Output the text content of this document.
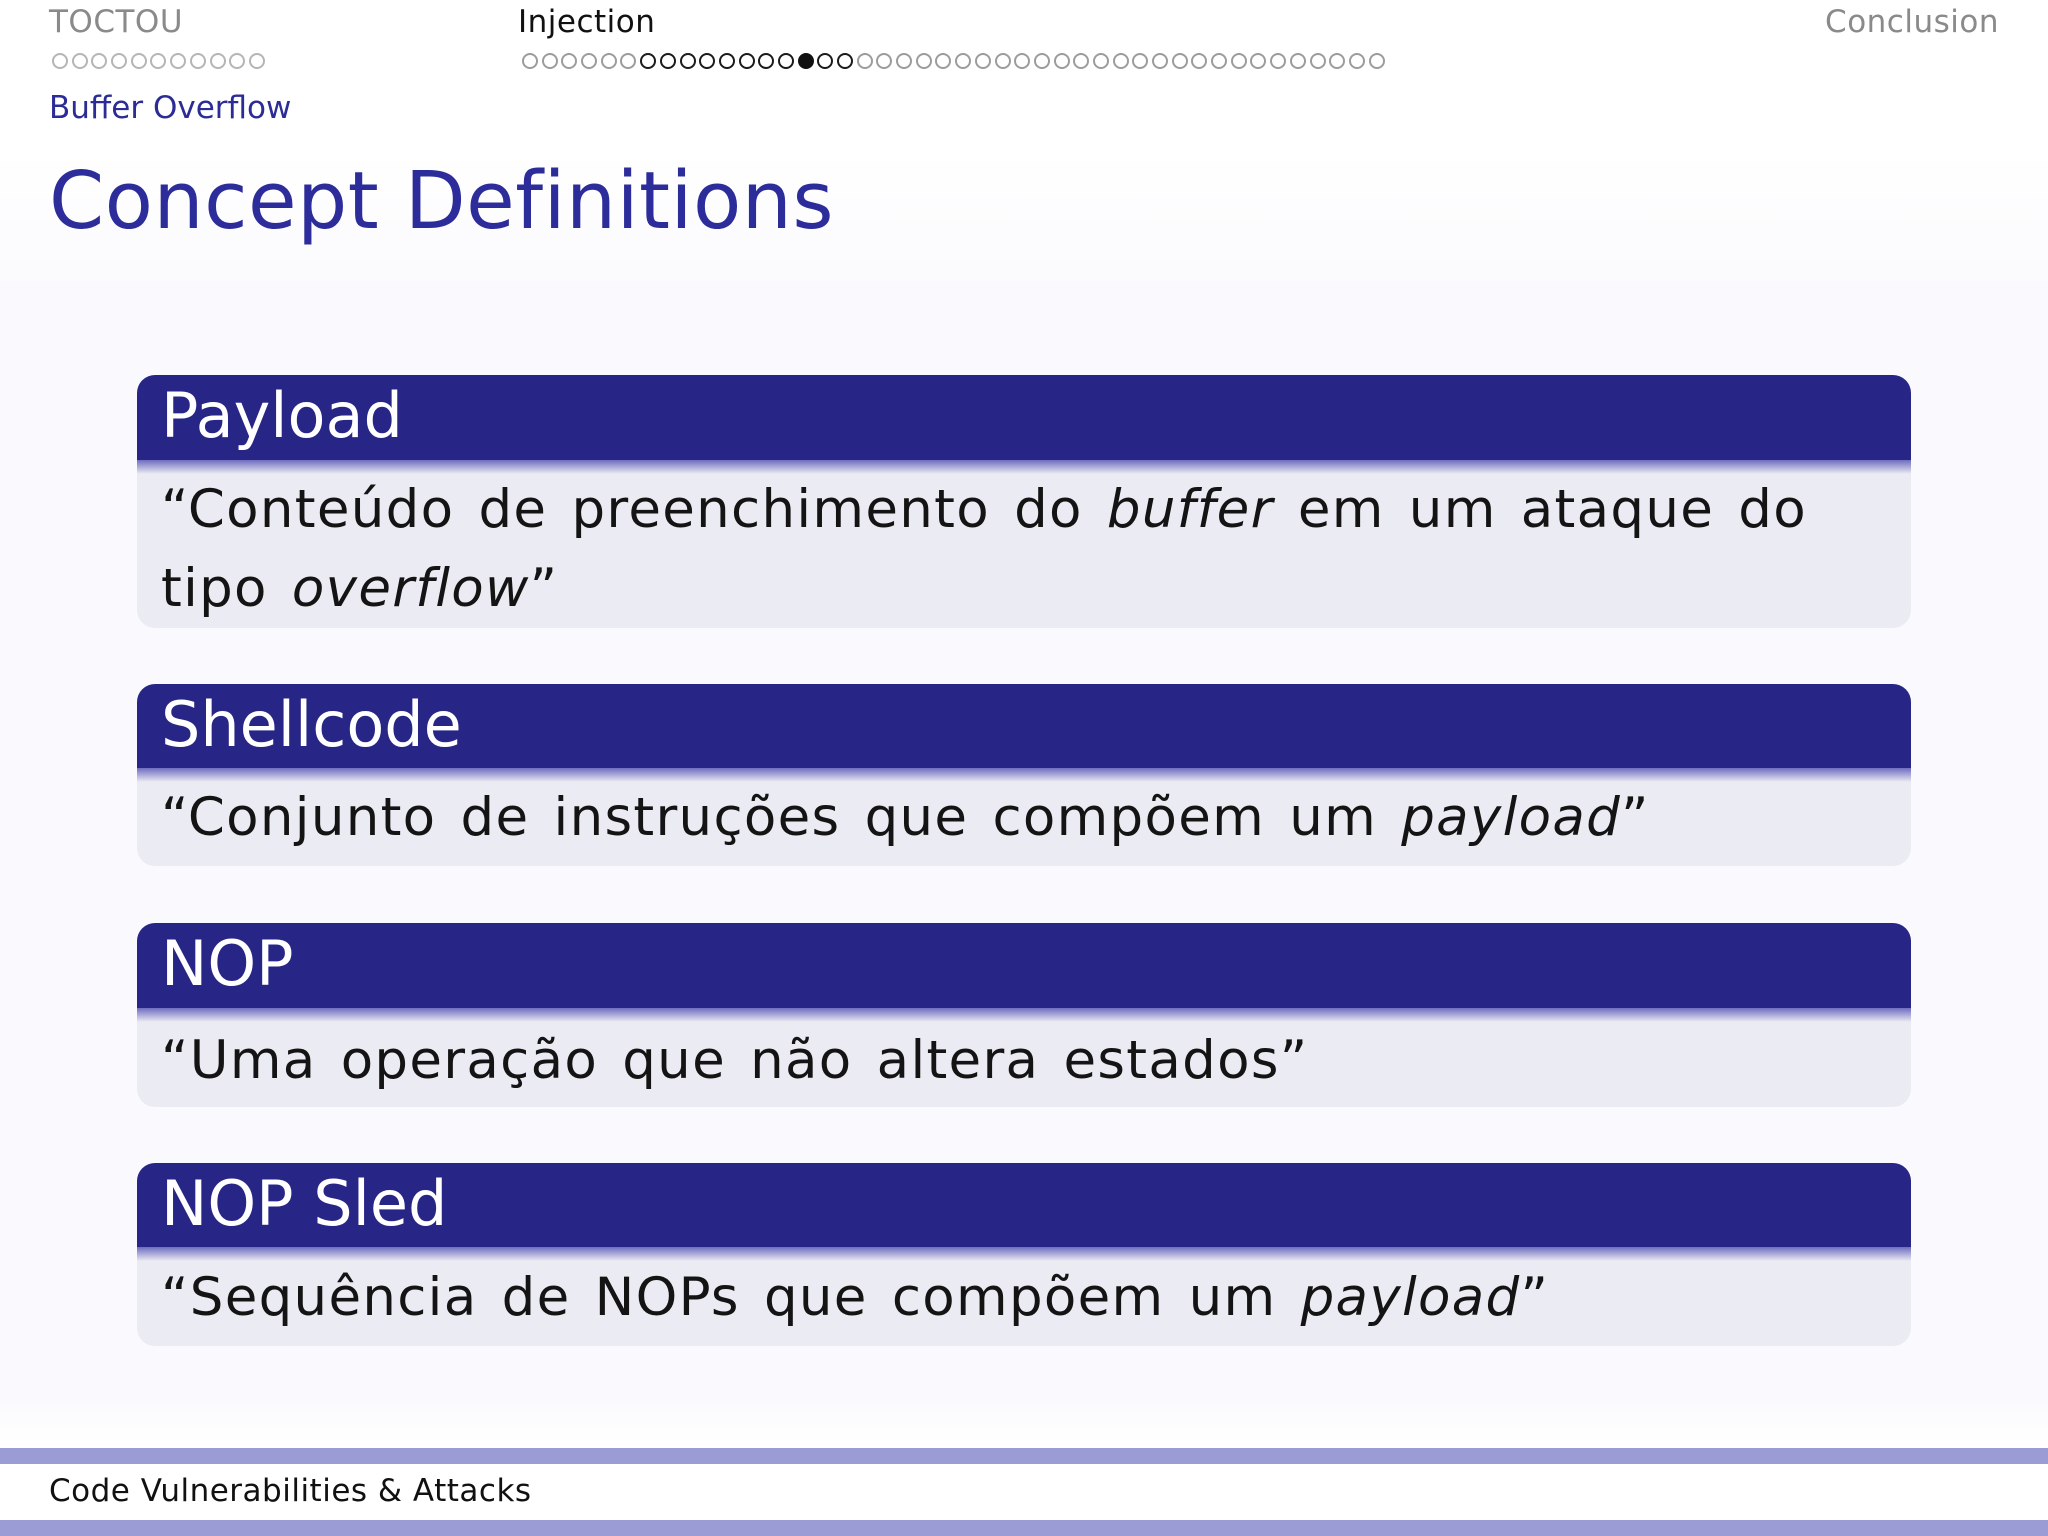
TOCTOU	Injection	Conclusion
Buffer Overflow
Concept Definitions
Payload
“Conteúdo de preenchimento do buffer em um ataque do tipo overflow”
Shellcode
“Conjunto de instruções que compõem um payload”
NOP
“Uma operação que não altera estados”
NOP Sled
“Sequência de NOPs que compõem um payload”
Code Vulnerabilities & Attacks
